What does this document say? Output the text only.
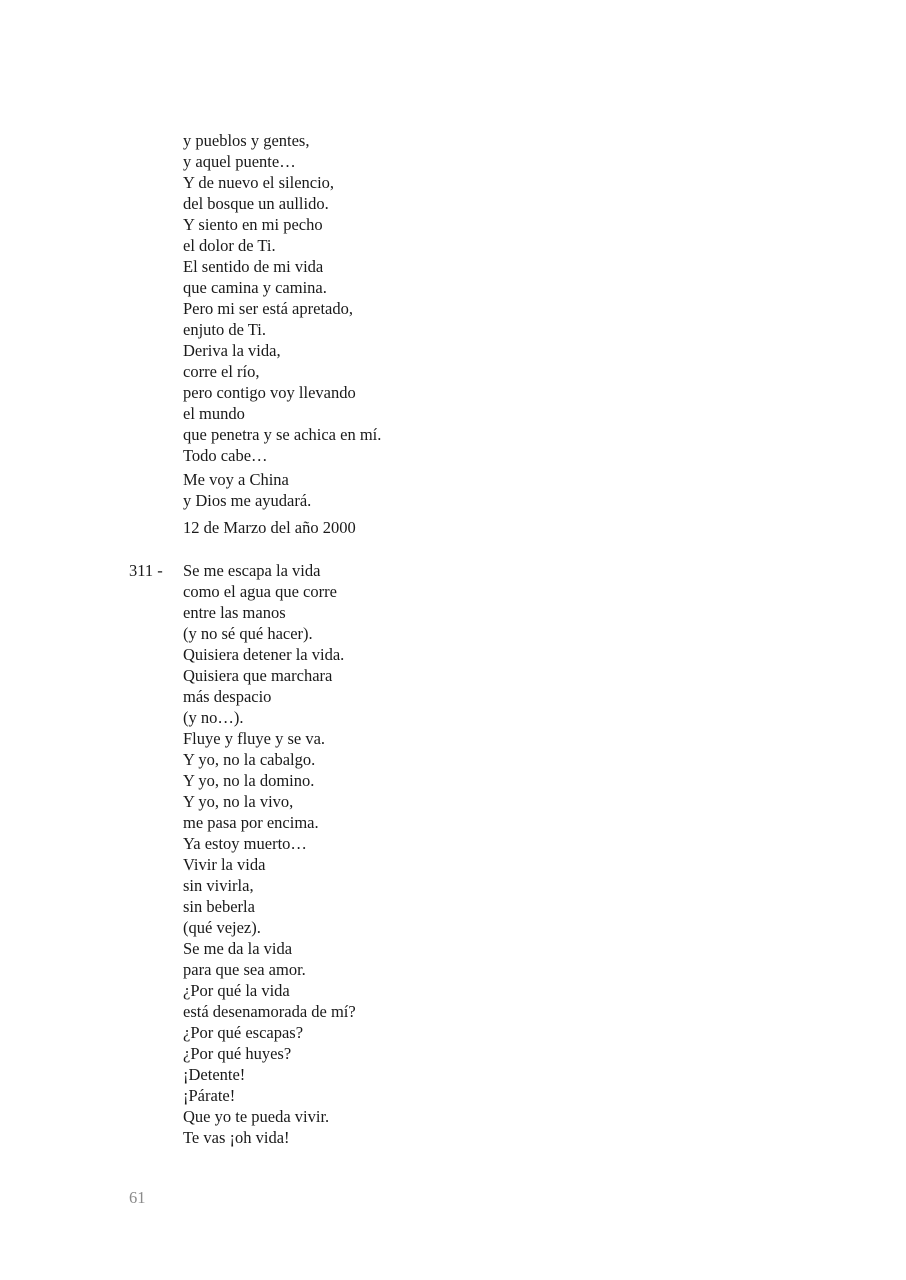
y pueblos y gentes,
y aquel puente…
Y de nuevo el silencio,
del bosque un aullido.
Y siento en mi pecho
el dolor de Ti.
El sentido de mi vida
que camina y camina.
Pero mi ser está apretado,
enjuto de Ti.
Deriva la vida,
corre el río,
pero contigo voy llevando
el mundo
que penetra y se achica en mí.
Todo cabe…
Me voy a China
y Dios me ayudará.
12 de Marzo del año 2000
311 - Se me escapa la vida
como el agua que corre
entre las manos
(y no sé qué hacer).
Quisiera detener la vida.
Quisiera que marchara
más despacio
(y no…).
Fluye y fluye y se va.
Y yo, no la cabalgo.
Y yo, no la domino.
Y yo, no la vivo,
me pasa por encima.
Ya estoy muerto…
Vivir la vida
sin vivirla,
sin beberla
(qué vejez).
Se me da la vida
para que sea amor.
¿Por qué la vida
está desenamorada de mí?
¿Por qué escapas?
¿Por qué huyes?
¡Detente!
¡Párate!
Que yo te pueda vivir.
Te vas ¡oh vida!
61
